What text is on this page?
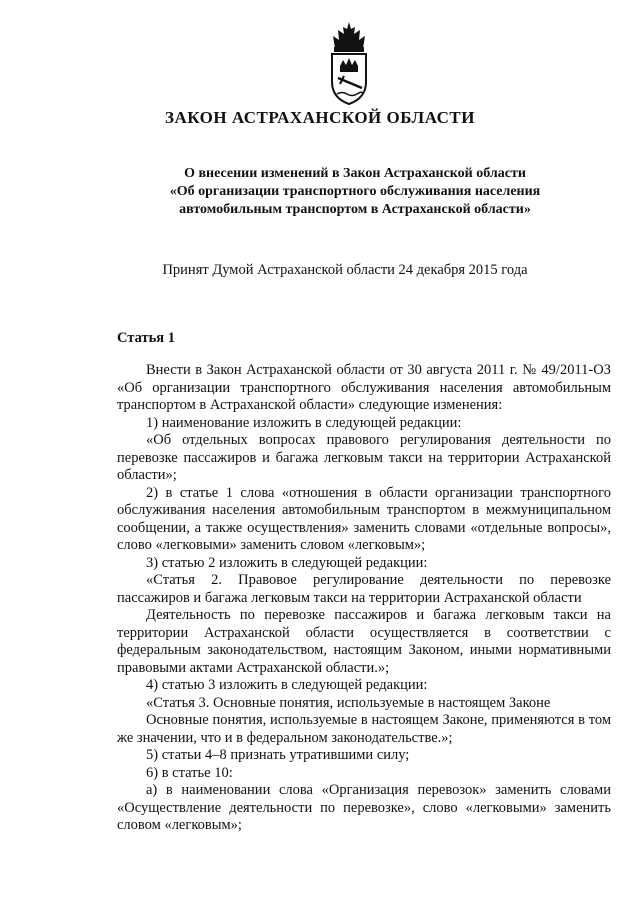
ЗАКОН АСТРАХАНСКОЙ ОБЛАСТИ
О внесении изменений в Закон Астраханской области
«Об организации транспортного обслуживания населения
автомобильным транспортом в Астраханской области»
Принят Думой Астраханской области 24 декабря 2015 года
Статья 1

Внести в Закон Астраханской области от 30 августа 2011 г. № 49/2011-ОЗ «Об организации транспортного обслуживания населения автомобильным транспортом в Астраханской области» следующие изменения:

1) наименование изложить в следующей редакции:

«Об отдельных вопросах правового регулирования деятельности по перевозке пассажиров и багажа легковым такси на территории Астраханской области»;

2) в статье 1 слова «отношения в области организации транспортного обслуживания населения автомобильным транспортом в межмуниципальном сообщении, а также осуществления» заменить словами «отдельные вопросы», слово «легковыми» заменить словом «легковым»;

3) статью 2 изложить в следующей редакции:

«Статья 2. Правовое регулирование деятельности по перевозке пассажиров и багажа легковым такси на территории Астраханской области

Деятельность по перевозке пассажиров и багажа легковым такси на территории Астраханской области осуществляется в соответствии с федеральным законодательством, настоящим Законом, иными нормативными правовыми актами Астраханской области.»;

4) статью 3 изложить в следующей редакции:

«Статья 3. Основные понятия, используемые в настоящем Законе

Основные понятия, используемые в настоящем Законе, применяются в том же значении, что и в федеральном законодательстве.»;

5) статьи 4–8 признать утратившими силу;

6) в статье 10:

а) в наименовании слова «Организация перевозок» заменить словами «Осуществление деятельности по перевозке», слово «легковыми» заменить словом «легковым»;
